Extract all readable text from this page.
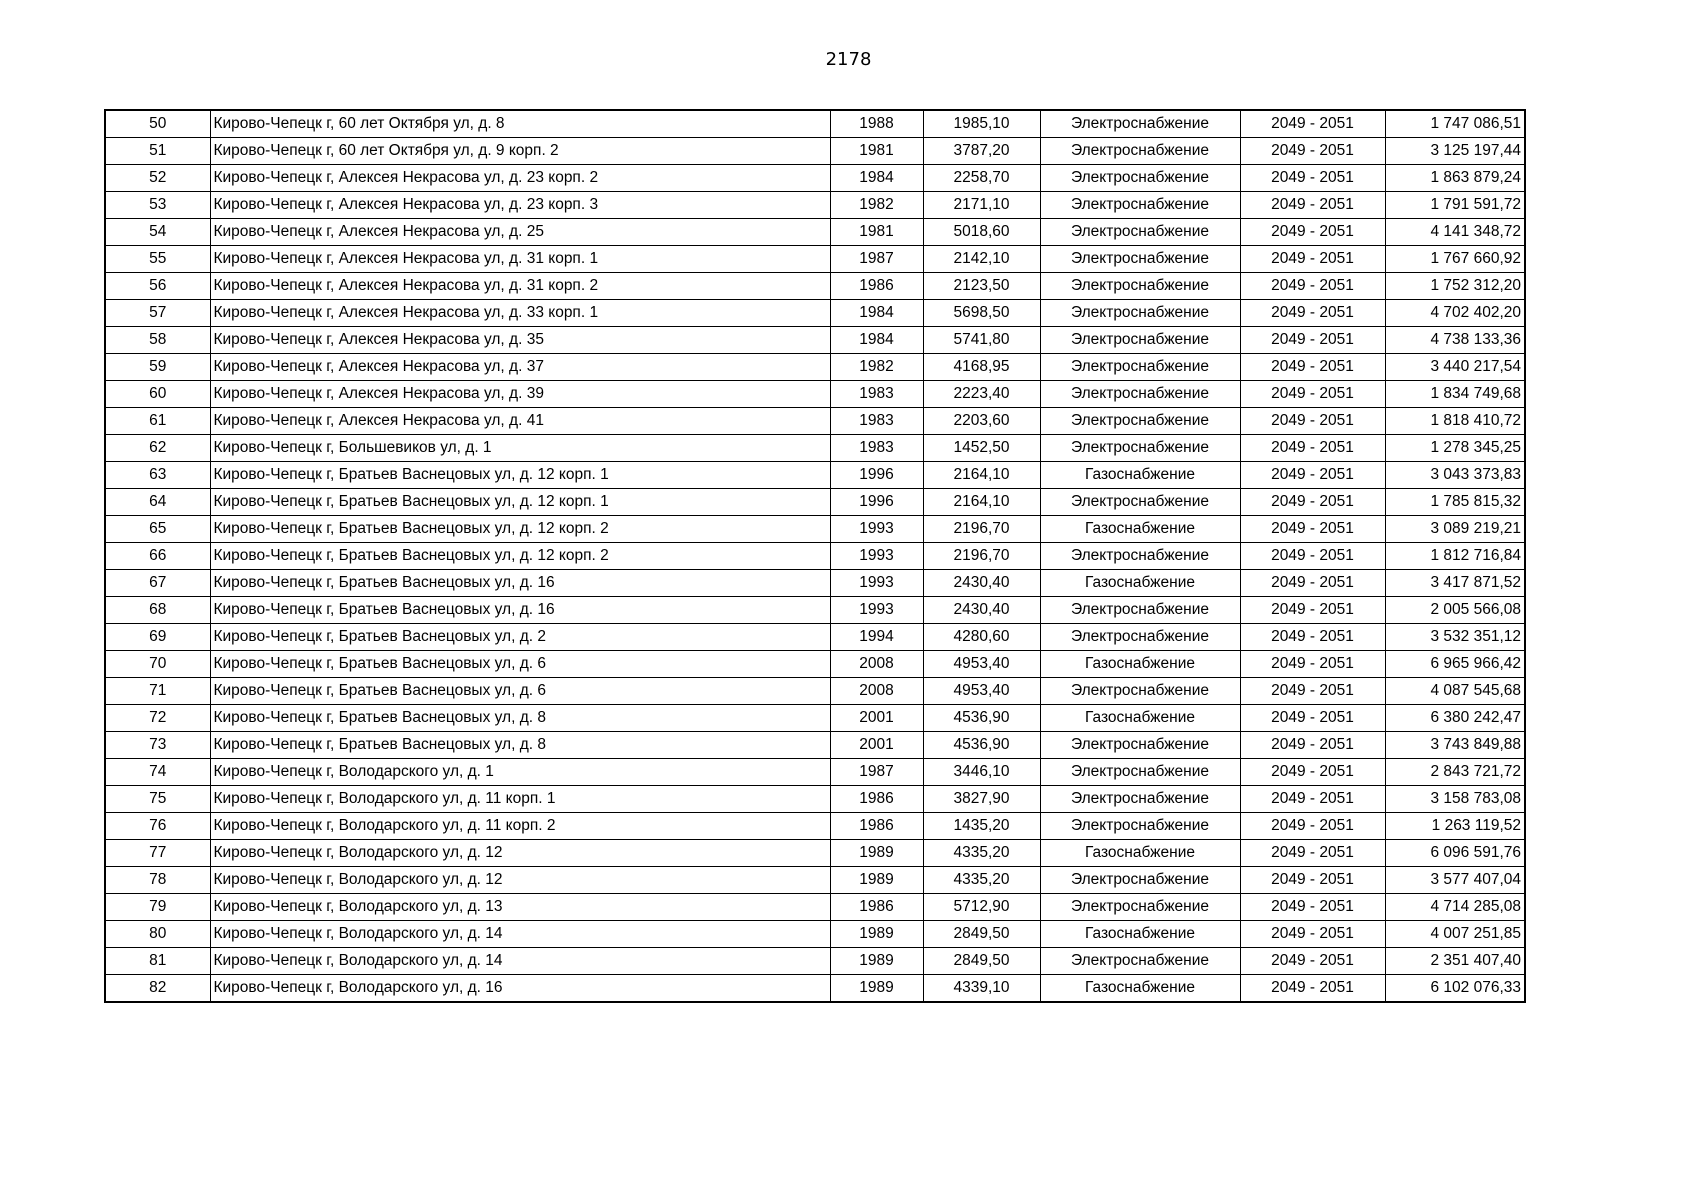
2178
50	Кирово-Чепецк г, 60 лет Октября ул, д. 8	1988	1985,10	Электроснабжение	2049 - 2051	1 747 086,51
51	Кирово-Чепецк г, 60 лет Октября ул, д. 9 корп. 2	1981	3787,20	Электроснабжение	2049 - 2051	3 125 197,44
52	Кирово-Чепецк г, Алексея Некрасова ул, д. 23 корп. 2	1984	2258,70	Электроснабжение	2049 - 2051	1 863 879,24
53	Кирово-Чепецк г, Алексея Некрасова ул, д. 23 корп. 3	1982	2171,10	Электроснабжение	2049 - 2051	1 791 591,72
54	Кирово-Чепецк г, Алексея Некрасова ул, д. 25	1981	5018,60	Электроснабжение	2049 - 2051	4 141 348,72
55	Кирово-Чепецк г, Алексея Некрасова ул, д. 31 корп. 1	1987	2142,10	Электроснабжение	2049 - 2051	1 767 660,92
56	Кирово-Чепецк г, Алексея Некрасова ул, д. 31 корп. 2	1986	2123,50	Электроснабжение	2049 - 2051	1 752 312,20
57	Кирово-Чепецк г, Алексея Некрасова ул, д. 33 корп. 1	1984	5698,50	Электроснабжение	2049 - 2051	4 702 402,20
58	Кирово-Чепецк г, Алексея Некрасова ул, д. 35	1984	5741,80	Электроснабжение	2049 - 2051	4 738 133,36
59	Кирово-Чепецк г, Алексея Некрасова ул, д. 37	1982	4168,95	Электроснабжение	2049 - 2051	3 440 217,54
60	Кирово-Чепецк г, Алексея Некрасова ул, д. 39	1983	2223,40	Электроснабжение	2049 - 2051	1 834 749,68
61	Кирово-Чепецк г, Алексея Некрасова ул, д. 41	1983	2203,60	Электроснабжение	2049 - 2051	1 818 410,72
62	Кирово-Чепецк г, Большевиков ул, д. 1	1983	1452,50	Электроснабжение	2049 - 2051	1 278 345,25
63	Кирово-Чепецк г, Братьев Васнецовых ул, д. 12 корп. 1	1996	2164,10	Газоснабжение	2049 - 2051	3 043 373,83
64	Кирово-Чепецк г, Братьев Васнецовых ул, д. 12 корп. 1	1996	2164,10	Электроснабжение	2049 - 2051	1 785 815,32
65	Кирово-Чепецк г, Братьев Васнецовых ул, д. 12 корп. 2	1993	2196,70	Газоснабжение	2049 - 2051	3 089 219,21
66	Кирово-Чепецк г, Братьев Васнецовых ул, д. 12 корп. 2	1993	2196,70	Электроснабжение	2049 - 2051	1 812 716,84
67	Кирово-Чепецк г, Братьев Васнецовых ул, д. 16	1993	2430,40	Газоснабжение	2049 - 2051	3 417 871,52
68	Кирово-Чепецк г, Братьев Васнецовых ул, д. 16	1993	2430,40	Электроснабжение	2049 - 2051	2 005 566,08
69	Кирово-Чепецк г, Братьев Васнецовых ул, д. 2	1994	4280,60	Электроснабжение	2049 - 2051	3 532 351,12
70	Кирово-Чепецк г, Братьев Васнецовых ул, д. 6	2008	4953,40	Газоснабжение	2049 - 2051	6 965 966,42
71	Кирово-Чепецк г, Братьев Васнецовых ул, д. 6	2008	4953,40	Электроснабжение	2049 - 2051	4 087 545,68
72	Кирово-Чепецк г, Братьев Васнецовых ул, д. 8	2001	4536,90	Газоснабжение	2049 - 2051	6 380 242,47
73	Кирово-Чепецк г, Братьев Васнецовых ул, д. 8	2001	4536,90	Электроснабжение	2049 - 2051	3 743 849,88
74	Кирово-Чепецк г, Володарского ул, д. 1	1987	3446,10	Электроснабжение	2049 - 2051	2 843 721,72
75	Кирово-Чепецк г, Володарского ул, д. 11 корп. 1	1986	3827,90	Электроснабжение	2049 - 2051	3 158 783,08
76	Кирово-Чепецк г, Володарского ул, д. 11 корп. 2	1986	1435,20	Электроснабжение	2049 - 2051	1 263 119,52
77	Кирово-Чепецк г, Володарского ул, д. 12	1989	4335,20	Газоснабжение	2049 - 2051	6 096 591,76
78	Кирово-Чепецк г, Володарского ул, д. 12	1989	4335,20	Электроснабжение	2049 - 2051	3 577 407,04
79	Кирово-Чепецк г, Володарского ул, д. 13	1986	5712,90	Электроснабжение	2049 - 2051	4 714 285,08
80	Кирово-Чепецк г, Володарского ул, д. 14	1989	2849,50	Газоснабжение	2049 - 2051	4 007 251,85
81	Кирово-Чепецк г, Володарского ул, д. 14	1989	2849,50	Электроснабжение	2049 - 2051	2 351 407,40
82	Кирово-Чепецк г, Володарского ул, д. 16	1989	4339,10	Газоснабжение	2049 - 2051	6 102 076,33
